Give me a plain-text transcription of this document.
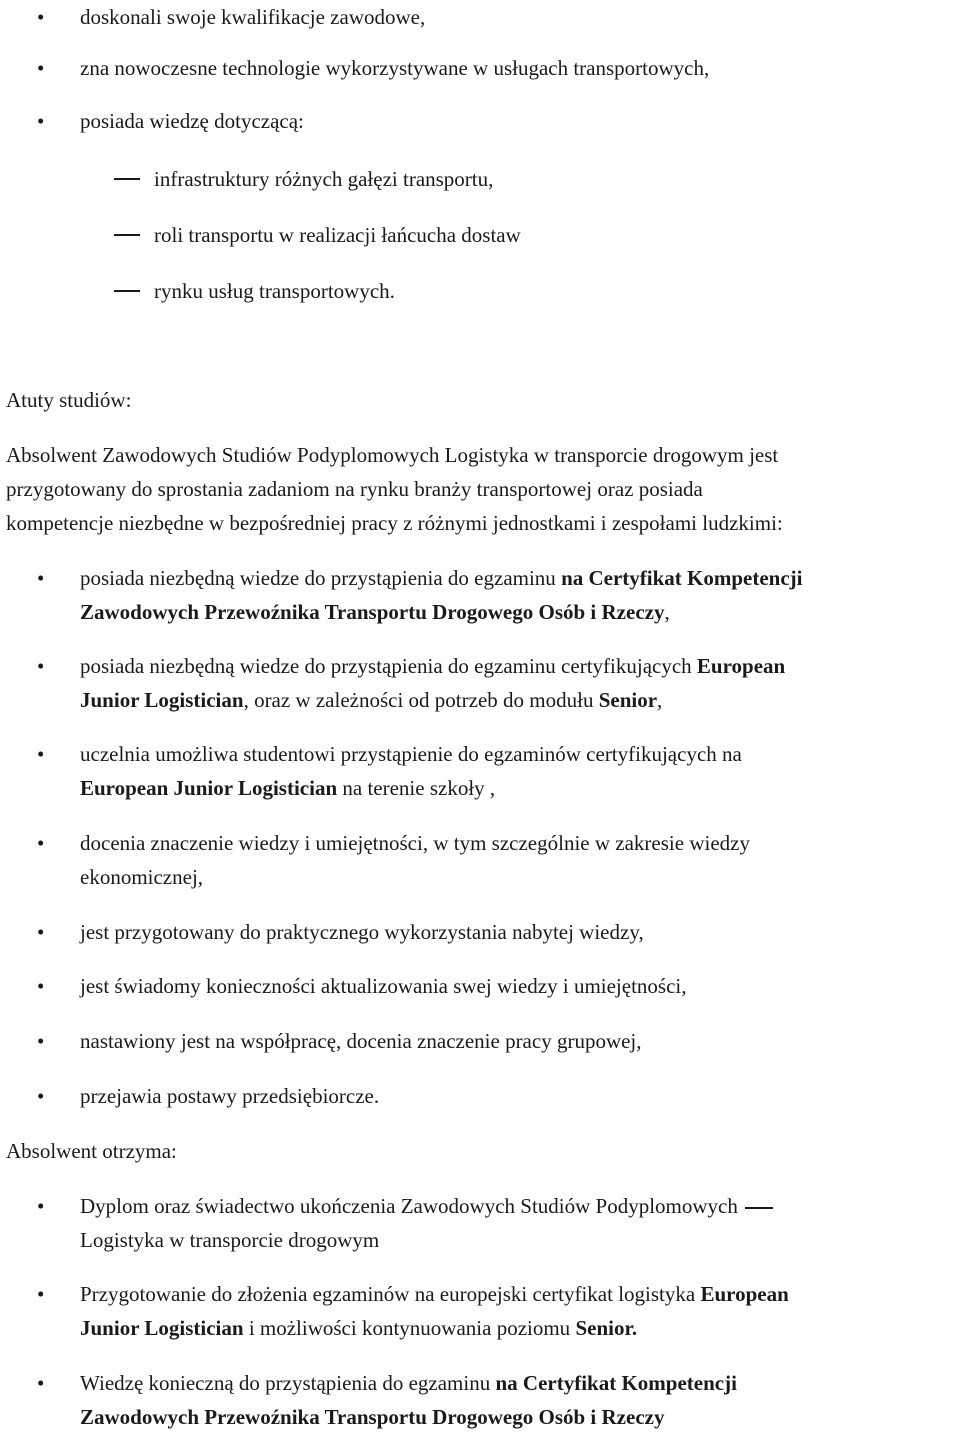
• doskonali swoje kwalifikacje zawodowe,
• zna nowoczesne technologie wykorzystywane w usługach transportowych,
• posiada wiedzę dotyczącą:
infrastruktury różnych gałęzi transportu,
roli transportu w realizacji łańcucha dostaw
rynku usług transportowych.
Atuty studiów:
Absolwent Zawodowych Studiów Podyplomowych Logistyka w transporcie drogowym jest
przygotowany do sprostania zadaniom na rynku branży transportowej oraz posiada
kompetencje niezbędne w bezpośredniej pracy z różnymi jednostkami i zespołami ludzkimi:
• posiada niezbędną wiedze do przystąpienia do egzaminu na Certyfikat Kompetencji
Zawodowych Przewoźnika Transportu Drogowego Osób i Rzeczy,
• posiada niezbędną wiedze do przystąpienia do egzaminu certyfikujących European
Junior Logistician, oraz w zależności od potrzeb do modułu Senior,
• uczelnia umożliwa studentowi przystąpienie do egzaminów certyfikujących na
European Junior Logistician na terenie szkoły ,
• docenia znaczenie wiedzy i umiejętności, w tym szczególnie w zakresie wiedzy
ekonomicznej,
• jest przygotowany do praktycznego wykorzystania nabytej wiedzy,
• jest świadomy konieczności aktualizowania swej wiedzy i umiejętności,
• nastawiony jest na współpracę, docenia znaczenie pracy grupowej,
• przejawia postawy przedsiębiorcze.
Absolwent otrzyma:
• Dyplom oraz świadectwo ukończenia Zawodowych Studiów Podyplomowych
Logistyka w transporcie drogowym
• Przygotowanie do złożenia egzaminów na europejski certyfikat logistyka European
Junior Logistician i możliwości kontynuowania poziomu Senior.
• Wiedzę konieczną do przystąpienia do egzaminu na Certyfikat Kompetencji
Zawodowych Przewoźnika Transportu Drogowego Osób i Rzeczy
